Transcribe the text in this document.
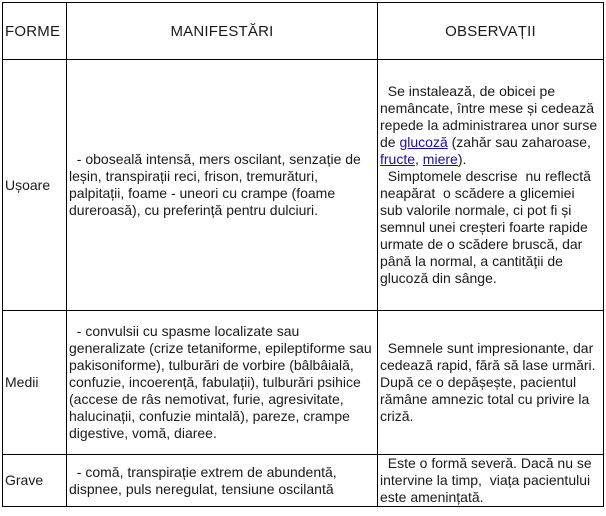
FORME	MANIFESTĂRI	OBSERVAȚII
Ușoare	- oboseală intensă, mers oscilant, senzație de leșin, transpirații reci, frison, tremurături, palpitații, foame - uneori cu crampe (foame dureroasă), cu preferință pentru dulciuri.	Se instalează, de obicei pe nemâncate, între mese și cedează repede la administrarea unor surse de glucoză (zahăr sau zaharoase, fructe, miere).
Simptomele descrise  nu reflectă neapărat  o scădere a glicemiei sub valorile normale, ci pot fi și semnul unei creșteri foarte rapide urmate de o scădere bruscă, dar până la normal, a cantității de glucoză din sânge.

Medii	- convulsii cu spasme localizate sau generalizate (crize tetaniforme, epileptiforme sau pakisoniforme), tulburări de vorbire (bâlbâială, confuzie, incoerență, fabulații), tulburări psihice (accese de râs nemotivat, furie, agresivitate, halucinații, confuzie mintală), pareze, crampe digestive, vomă, diaree.	Semnele sunt impresionante, dar cedează rapid, fără să lase urmări. După ce o depășește, pacientul rămâne amnezic total cu privire la criză.
Grave	- comă, transpirație extrem de abundentă, dispnee, puls neregulat, tensiune oscilantă	Este o formă severă. Dacă nu se intervine la timp,  viața pacientului este amenințată.
